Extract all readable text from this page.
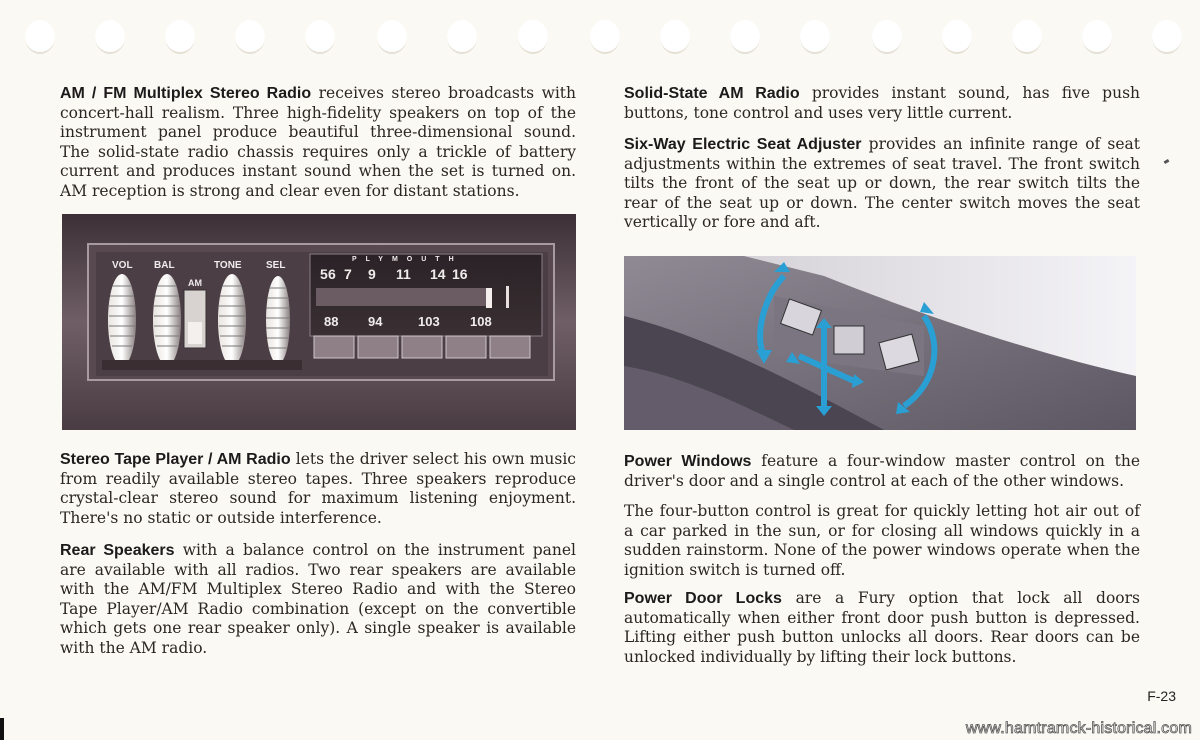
AM / FM Multiplex Stereo Radio receives stereo broadcasts with concert-hall realism. Three high-fidelity speakers on top of the instrument panel produce beautiful three-dimensional sound. The solid-state radio chassis requires only a trickle of battery current and produces instant sound when the set is turned on. AM reception is strong and clear even for distant stations.

VOL BAL	TONE SEL
AM
PLYMOUTH
5 6 7 9 11 14 16
88 94	103 108

Stereo Tape Player / AM Radio lets the driver select his own music from readily available stereo tapes. Three speakers reproduce crystal-clear stereo sound for maximum listening enjoyment. There's no static or outside interference.

Rear Speakers with a balance control on the instrument panel are available with all radios. Two rear speakers are available with the AM/FM Multiplex Stereo Radio and with the Stereo Tape Player/AM Radio combination (except on the convertible which gets one rear speaker only). A single speaker is available with the AM radio.

Solid-State AM Radio provides instant sound, has five push buttons, tone control and uses very little current.

Six-Way Electric Seat Adjuster provides an infinite range of seat adjustments within the extremes of seat travel. The front switch tilts the front of the seat up or down, the rear switch tilts the rear of the seat up or down. The center switch moves the seat vertically or fore and aft.

Power Windows feature a four-window master control on the driver's door and a single control at each of the other windows.

The four-button control is great for quickly letting hot air out of a car parked in the sun, or for closing all windows quickly in a sudden rainstorm. None of the power windows operate when the ignition switch is turned off.

Power Door Locks are a Fury option that lock all doors automatically when either front door push button is depressed. Lifting either push button unlocks all doors. Rear doors can be unlocked individually by lifting their lock buttons.

F-23
www.hamtramck-historical.com
